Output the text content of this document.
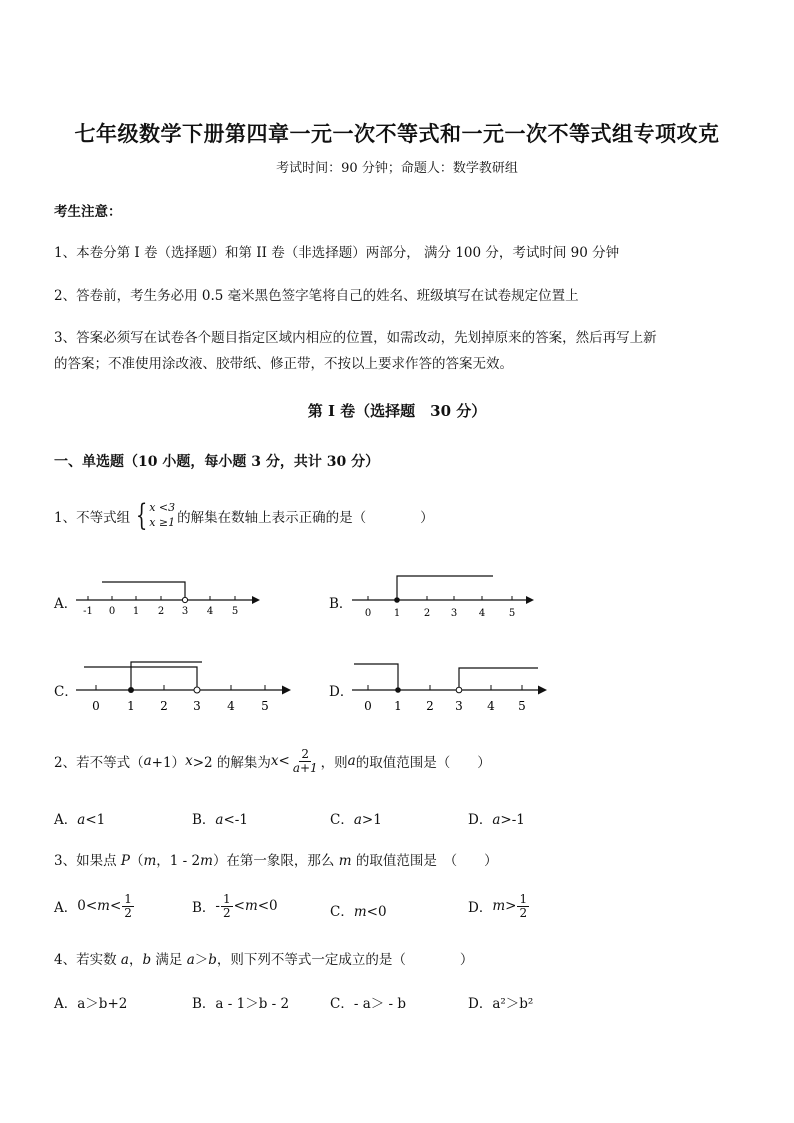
七年级数学下册第四章一元一次不等式和一元一次不等式组专项攻克
考试时间：90 分钟；命题人：数学教研组
考生注意：
1、本卷分第 I 卷（选择题）和第 II 卷（非选择题）两部分， 满分 100 分，考试时间 90 分钟
2、答卷前，考生务必用 0.5 毫米黑色签字笔将自己的姓名、班级填写在试卷规定位置上
3、答案必须写在试卷各个题目指定区域内相应的位置，如需改动，先划掉原来的答案，然后再写上新
的答案；不准使用涂改液、胶带纸、修正带，不按以上要求作答的答案无效。
第 I 卷（选择题　30 分）
一、单选题（10 小题，每小题 3 分，共计 30 分）
1、不等式组 { x <3
x ≥1 的解集在数轴上表示正确的是（　　　　）
A． -1 0 1 2 3 4 5	B．
0 1 2 3 4 5
C．
0 1 2 3 4 5
D．
0 1 2 3 4 5
2、若不等式（ a +1） x >2 的解集为 $x < \frac{2}{a+1}$ ，则 a 的取值范围是（　　）
A．a<1	B．a<-1	C．a>1	D．a>-1
3、如果点 P（m，1 - 2m）在第一象限，那么 m 的取值范围是　（　　）
A． $0< m < \frac{1}{2}$	B． - $\frac{1}{2} < m <0$	C．m<0	D． $m > \frac{1}{2}$
4、若实数 a，b 满足 a＞b，则下列不等式一定成立的是（　　　　）
A．a＞b+2	B．a - 1＞b - 2	C．- a＞ - b	D．a²＞b²
